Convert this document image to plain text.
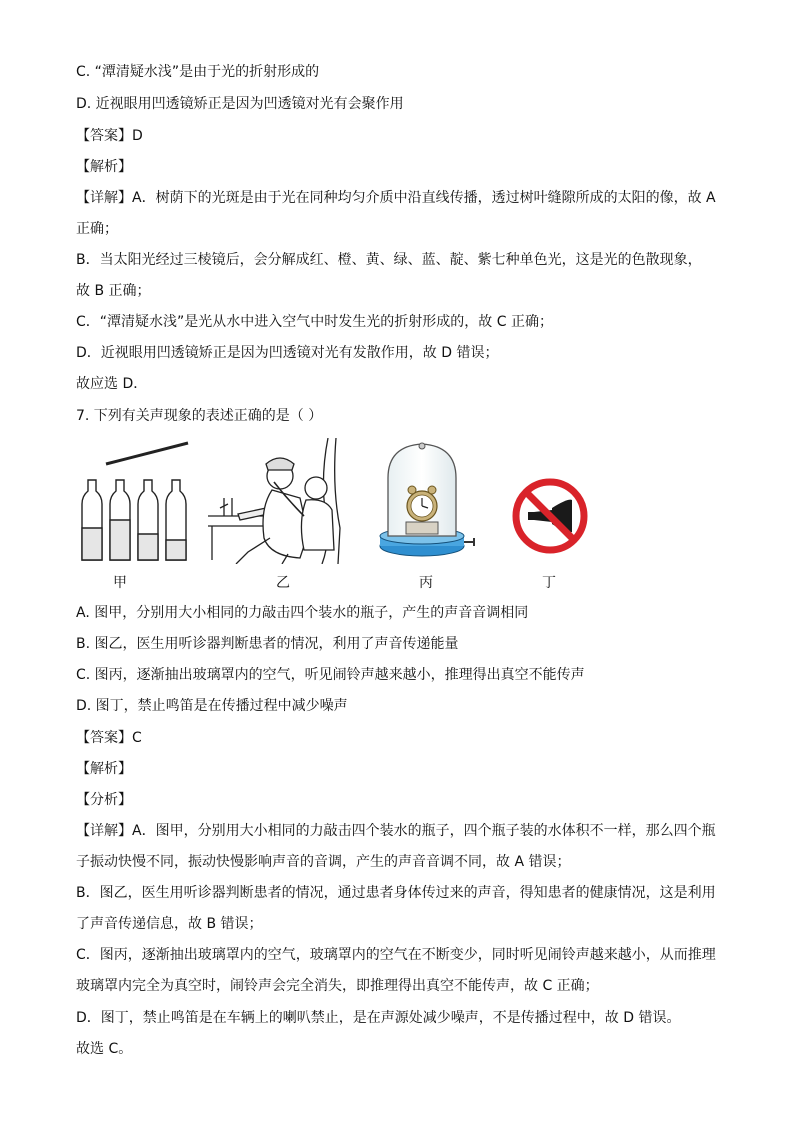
C. “潭清疑水浅”是由于光的折射形成的
D. 近视眼用凹透镜矫正是因为凹透镜对光有会聚作用
【答案】D
【解析】
【详解】A．树荫下的光斑是由于光在同种均匀介质中沿直线传播，透过树叶缝隙所成的太阳的像，故 A
正确；
B．当太阳光经过三棱镜后，会分解成红、橙、黄、绿、蓝、靛、紫七种单色光，这是光的色散现象，
故 B 正确；
C．“潭清疑水浅”是光从水中进入空气中时发生光的折射形成的，故 C 正确；
D．近视眼用凹透镜矫正是因为凹透镜对光有发散作用，故 D 错误；
故应选 D．
7. 下列有关声现象的表述正确的是（ ）
甲	乙	丙	丁
A. 图甲，分别用大小相同的力敲击四个装水的瓶子，产生的声音音调相同
B. 图乙，医生用听诊器判断患者的情况，利用了声音传递能量
C. 图丙，逐渐抽出玻璃罩内的空气，听见闹铃声越来越小，推理得出真空不能传声
D. 图丁，禁止鸣笛是在传播过程中减少噪声
【答案】C
【解析】
【分析】
【详解】A．图甲，分别用大小相同的力敲击四个装水的瓶子，四个瓶子装的水体积不一样，那么四个瓶
子振动快慢不同，振动快慢影响声音的音调，产生的声音音调不同，故 A 错误；
B．图乙，医生用听诊器判断患者的情况，通过患者身体传过来的声音，得知患者的健康情况，这是利用
了声音传递信息，故 B 错误；
C．图丙，逐渐抽出玻璃罩内的空气，玻璃罩内的空气在不断变少，同时听见闹铃声越来越小，从而推理
玻璃罩内完全为真空时，闹铃声会完全消失，即推理得出真空不能传声，故 C 正确；
D．图丁，禁止鸣笛是在车辆上的喇叭禁止，是在声源处减少噪声，不是传播过程中，故 D 错误。
故选 C。
